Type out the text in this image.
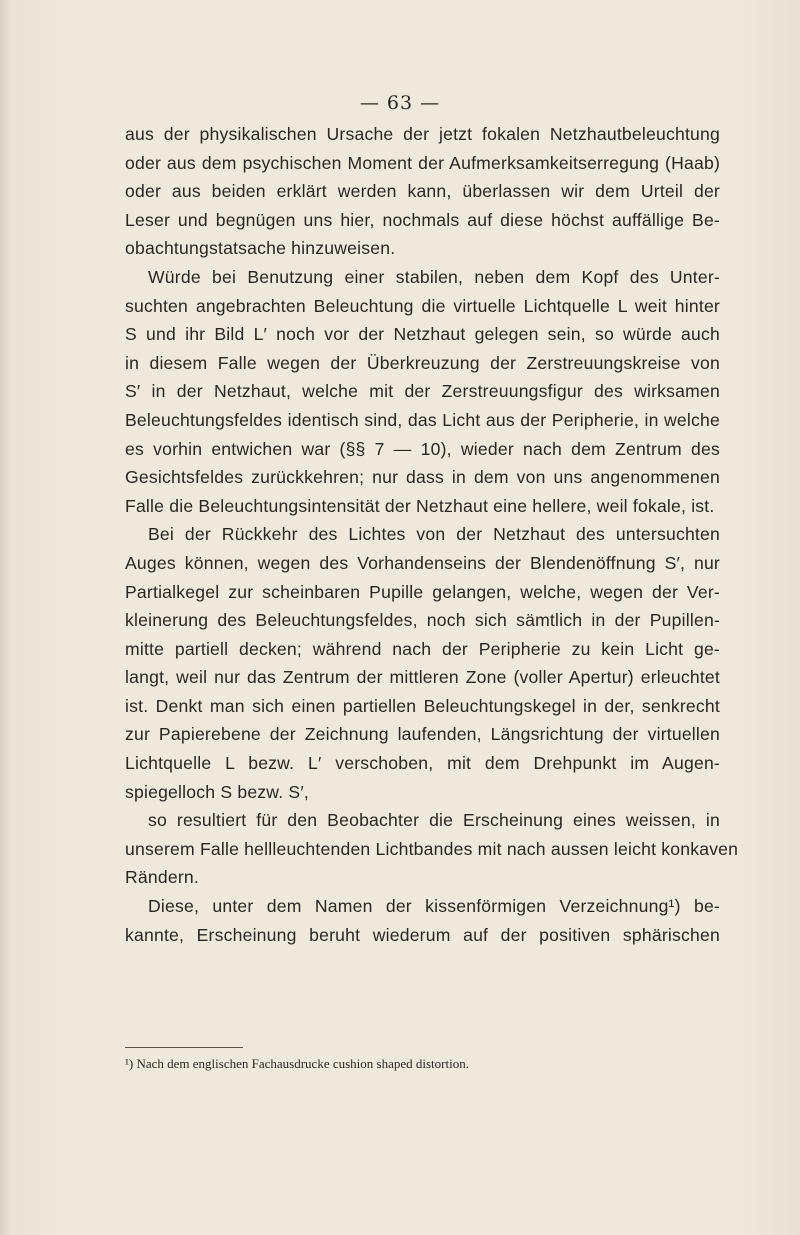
— 63 —
aus der physikalischen Ursache der jetzt fokalen Netzhautbeleuchtung
oder aus dem psychischen Moment der Aufmerksamkeitserregung (Haab)
oder aus beiden erklärt werden kann, überlassen wir dem Urteil der
Leser und begnügen uns hier, nochmals auf diese höchst auffällige Be-
obachtungstatsache hinzuweisen.
Würde bei Benutzung einer stabilen, neben dem Kopf des Unter-
suchten angebrachten Beleuchtung die virtuelle Lichtquelle L weit hinter
S und ihr Bild L′ noch vor der Netzhaut gelegen sein, so würde auch
in diesem Falle wegen der Überkreuzung der Zerstreuungskreise von
S′ in der Netzhaut, welche mit der Zerstreuungsfigur des wirksamen
Beleuchtungsfeldes identisch sind, das Licht aus der Peripherie, in welche
es vorhin entwichen war (§§ 7 — 10), wieder nach dem Zentrum des
Gesichtsfeldes zurückkehren; nur dass in dem von uns angenommenen
Falle die Beleuchtungsintensität der Netzhaut eine hellere, weil fokale, ist.
Bei der Rückkehr des Lichtes von der Netzhaut des untersuchten
Auges können, wegen des Vorhandenseins der Blendenöffnung S′, nur
Partialkegel zur scheinbaren Pupille gelangen, welche, wegen der Ver-
kleinerung des Beleuchtungsfeldes, noch sich sämtlich in der Pupillen-
mitte partiell decken; während nach der Peripherie zu kein Licht ge-
langt, weil nur das Zentrum der mittleren Zone (voller Apertur) erleuchtet
ist. Denkt man sich einen partiellen Beleuchtungskegel in der, senkrecht
zur Papierebene der Zeichnung laufenden, Längsrichtung der virtuellen
Lichtquelle L bezw. L′ verschoben, mit dem Drehpunkt im Augen-
spiegelloch S bezw. S′,
so resultiert für den Beobachter die Erscheinung eines weissen, in
unserem Falle hellleuchtenden Lichtbandes mit nach aussen leicht konkaven
Rändern.
Diese, unter dem Namen der kissenförmigen Verzeichnung¹) be-
kannte, Erscheinung beruht wiederum auf der positiven sphärischen
¹) Nach dem englischen Fachausdrucke cushion shaped distortion.
